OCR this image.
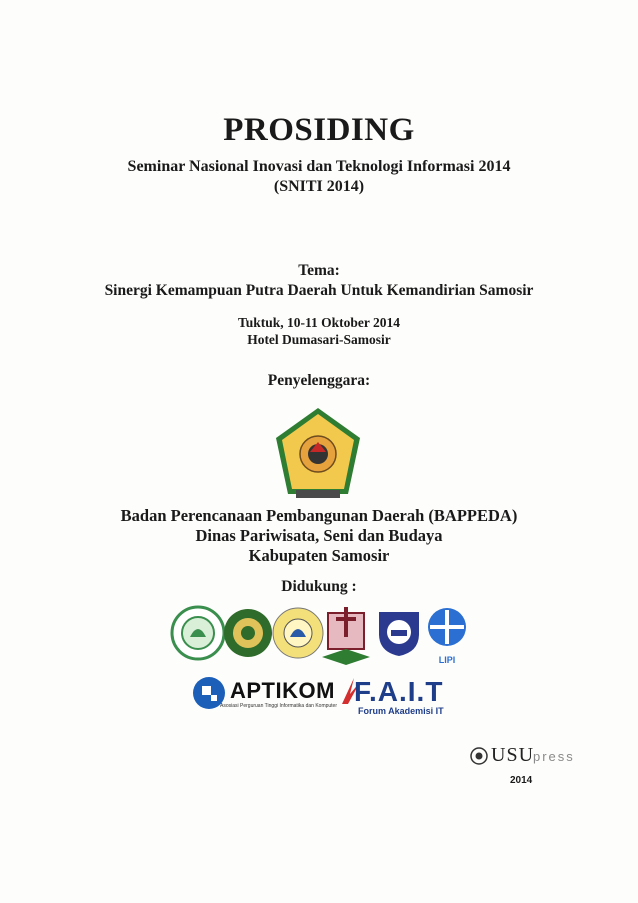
PROSIDING
Seminar Nasional Inovasi dan Teknologi Informasi 2014
(SNITI 2014)
Tema:
Sinergi Kemampuan Putra Daerah Untuk Kemandirian Samosir
Tuktuk, 10-11 Oktober 2014
Hotel Dumasari-Samosir
Penyelenggara:
Badan Perencanaan Pembangunan Daerah (BAPPEDA)
Dinas Pariwisata, Seni dan Budaya
Kabupaten Samosir
Didukung :
LIPI
APTIKOM
Asosiasi Perguruan Tinggi Informatika dan Komputer F.A.I.T
Forum Akademisi IT
USU
press
2014
